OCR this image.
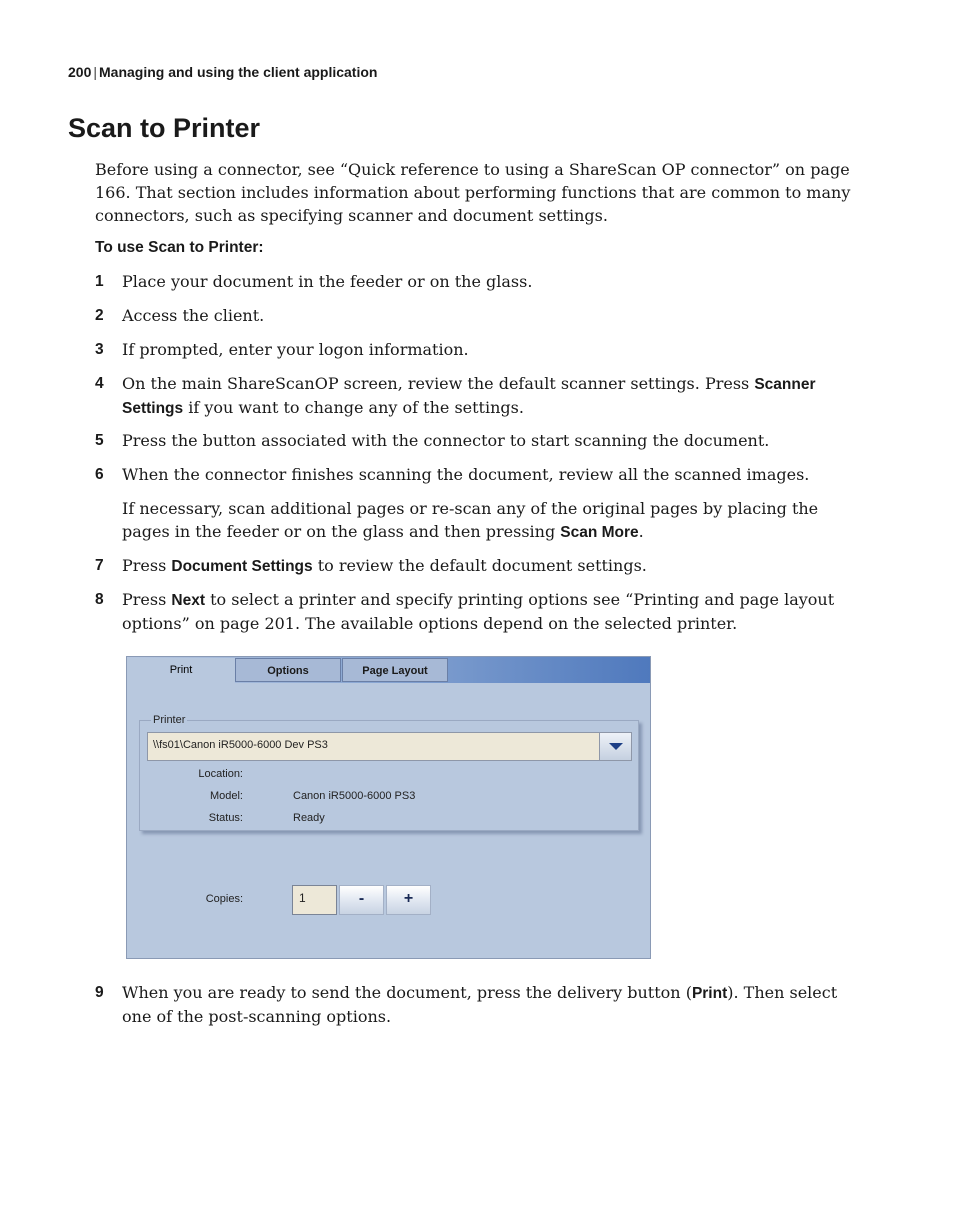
200 | Managing and using the client application
Scan to Printer

Before using a connector, see “Quick reference to using a ShareScan OP connector” on page 166. That section includes information about performing functions that are common to many connectors, such as specifying scanner and document settings.

To use Scan to Printer:
1 Place your document in the feeder or on the glass.
2 Access the client.
3 If prompted, enter your logon information.
4 On the main ShareScanOP screen, review the default scanner settings. Press Scanner Settings if you want to change any of the settings.
5 Press the button associated with the connector to start scanning the document.
6 When the connector finishes scanning the document, review all the scanned images.
If necessary, scan additional pages or re-scan any of the original pages by placing the pages in the feeder or on the glass and then pressing Scan More.
7 Press Document Settings to review the default document settings.
8 Press Next to select a printer and specify printing options see “Printing and page layout options” on page 201. The available options depend on the selected printer.
Print	Options	Page Layout
Printer
\\fs01\Canon iR5000-6000 Dev PS3
Location:
Model:	Canon iR5000-6000 PS3
Status:	Ready
Copies:	1	-	+
9 When you are ready to send the document, press the delivery button (Print). Then select one of the post-scanning options.
